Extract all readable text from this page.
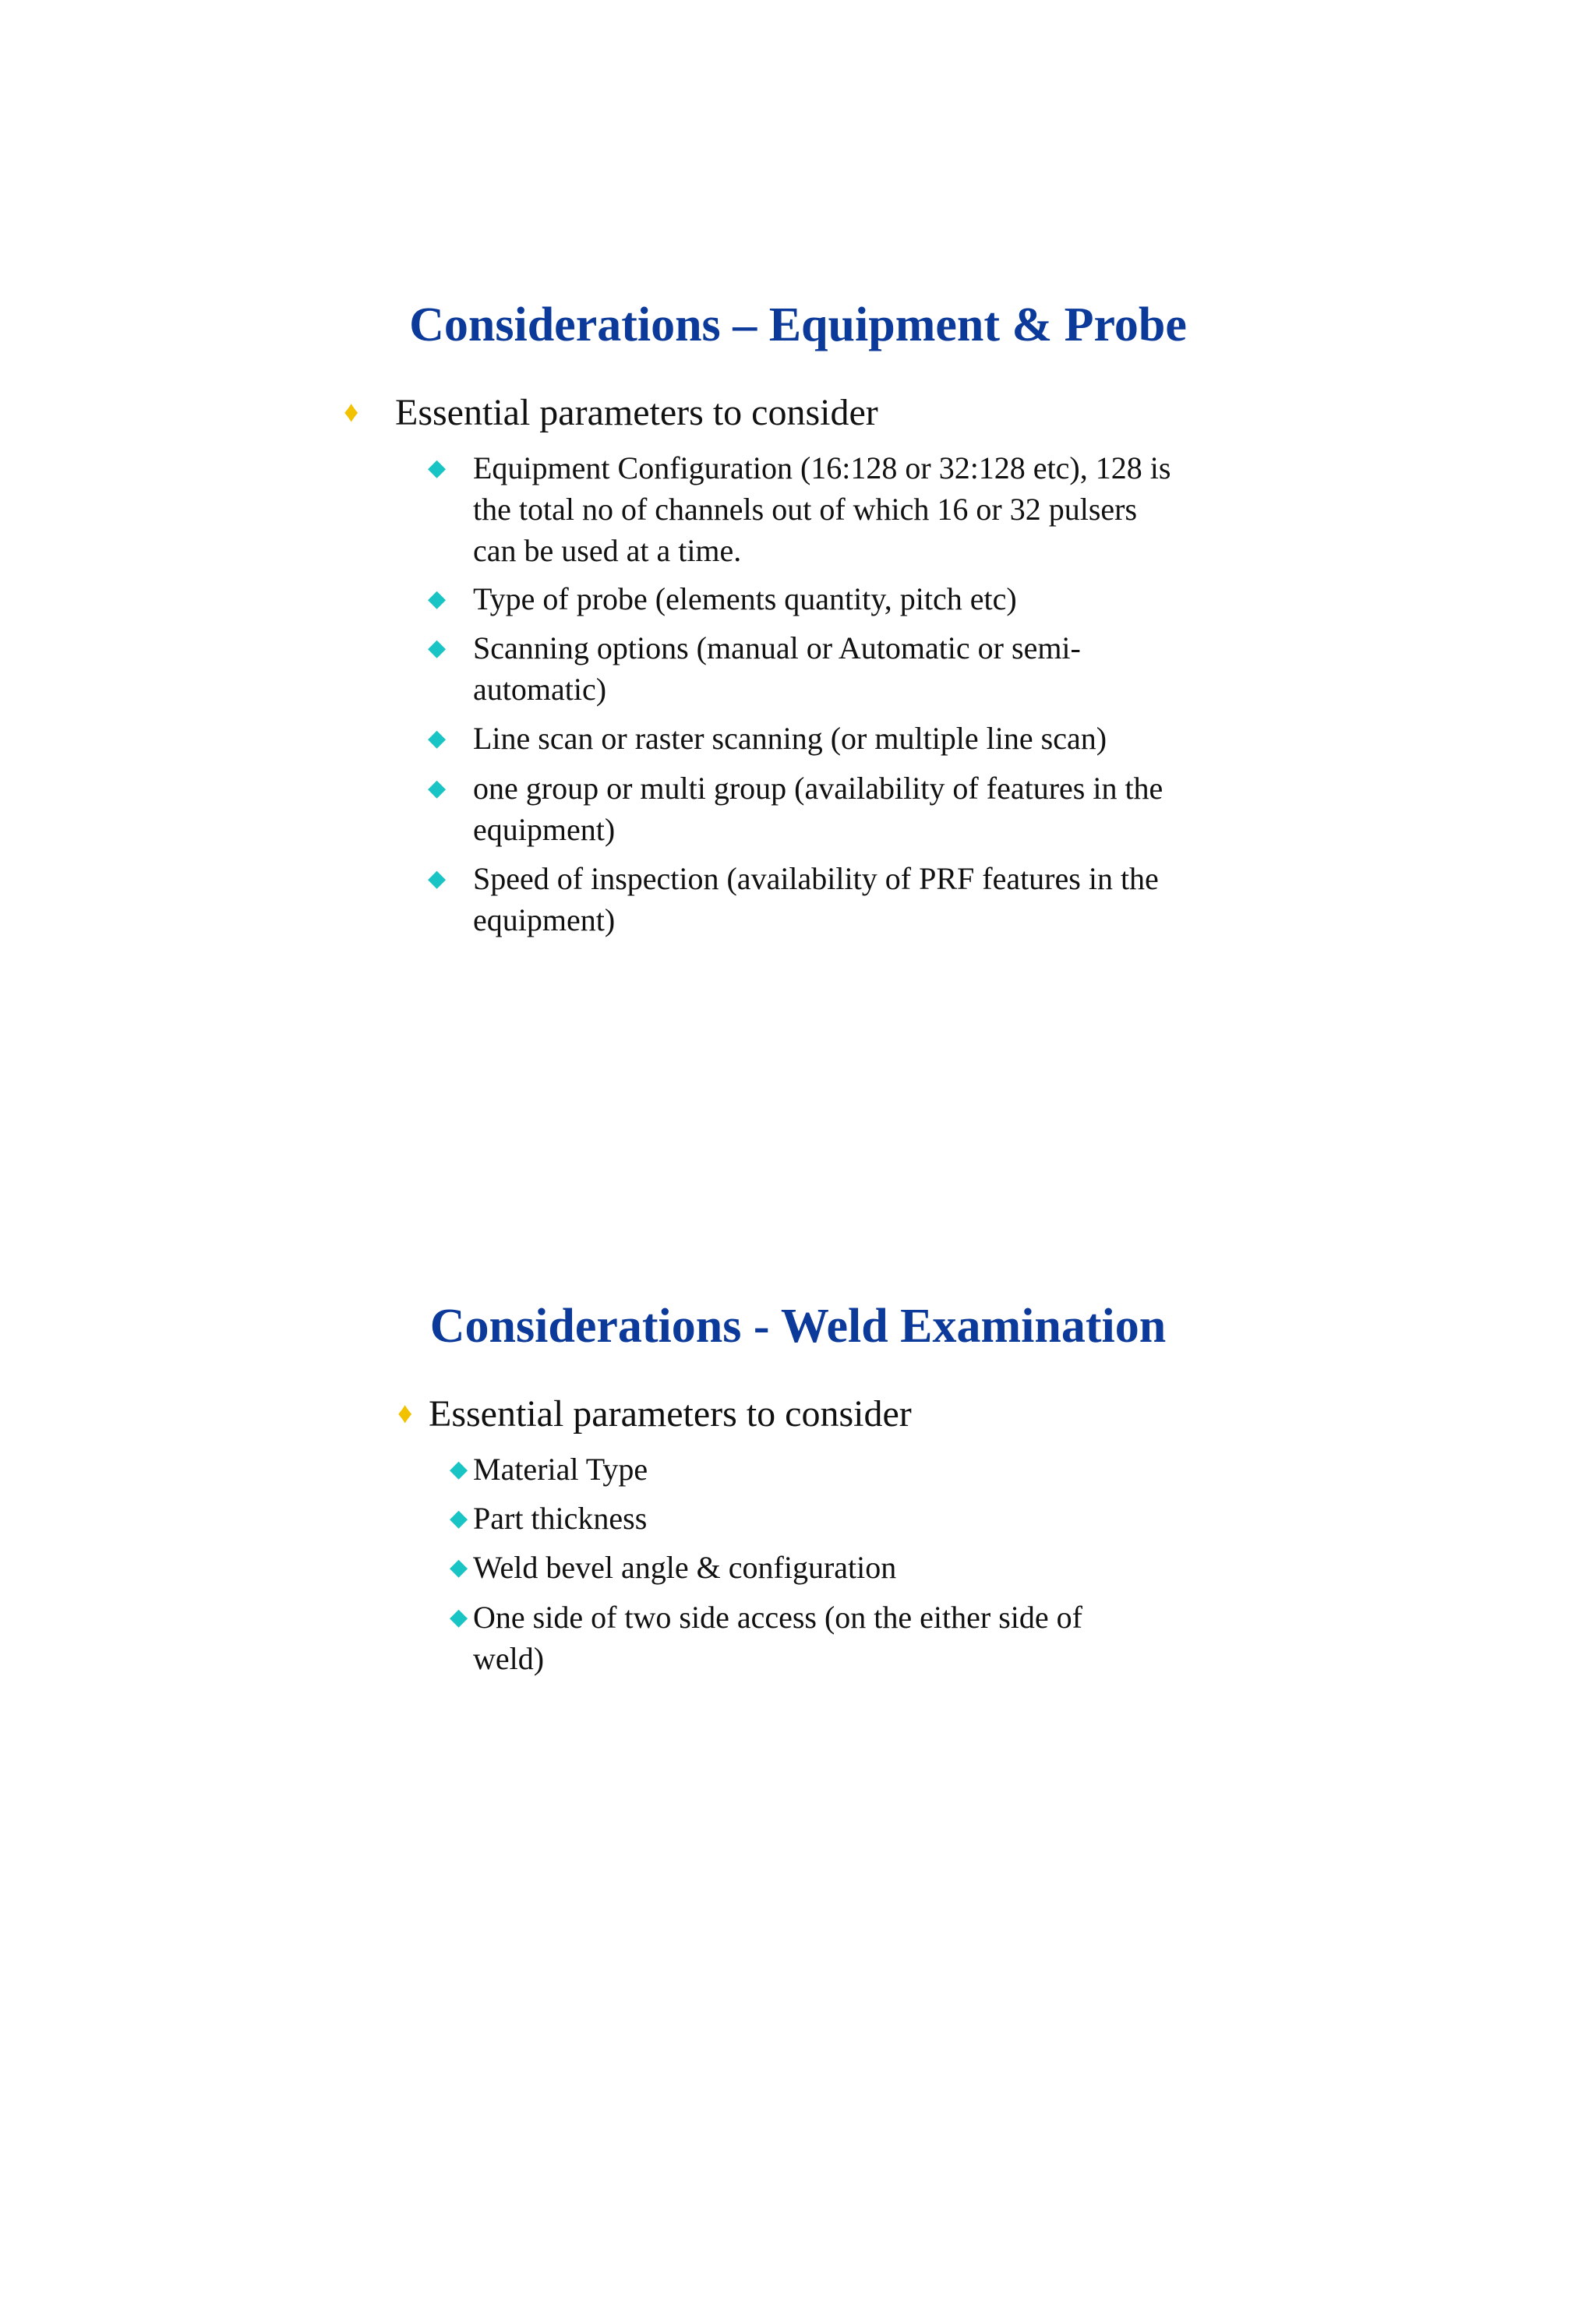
Considerations – Equipment & Probe
♦ Essential parameters to consider
◆ Equipment Configuration (16:128 or 32:128 etc), 128 is
the total no of channels out of which 16 or 32 pulsers
can be used at a time.
◆ Type of probe (elements quantity, pitch etc)
◆ Scanning options (manual or Automatic or semi-
automatic)
◆ Line scan or raster scanning (or multiple line scan)
◆ one group or multi group (availability of features in the
equipment)
◆ Speed of inspection (availability of PRF features in the
equipment)
Considerations - Weld Examination
♦ Essential parameters to consider
◆ Material Type
◆ Part thickness
◆ Weld bevel angle & configuration
◆ One side of two side access (on the either side of
weld)
